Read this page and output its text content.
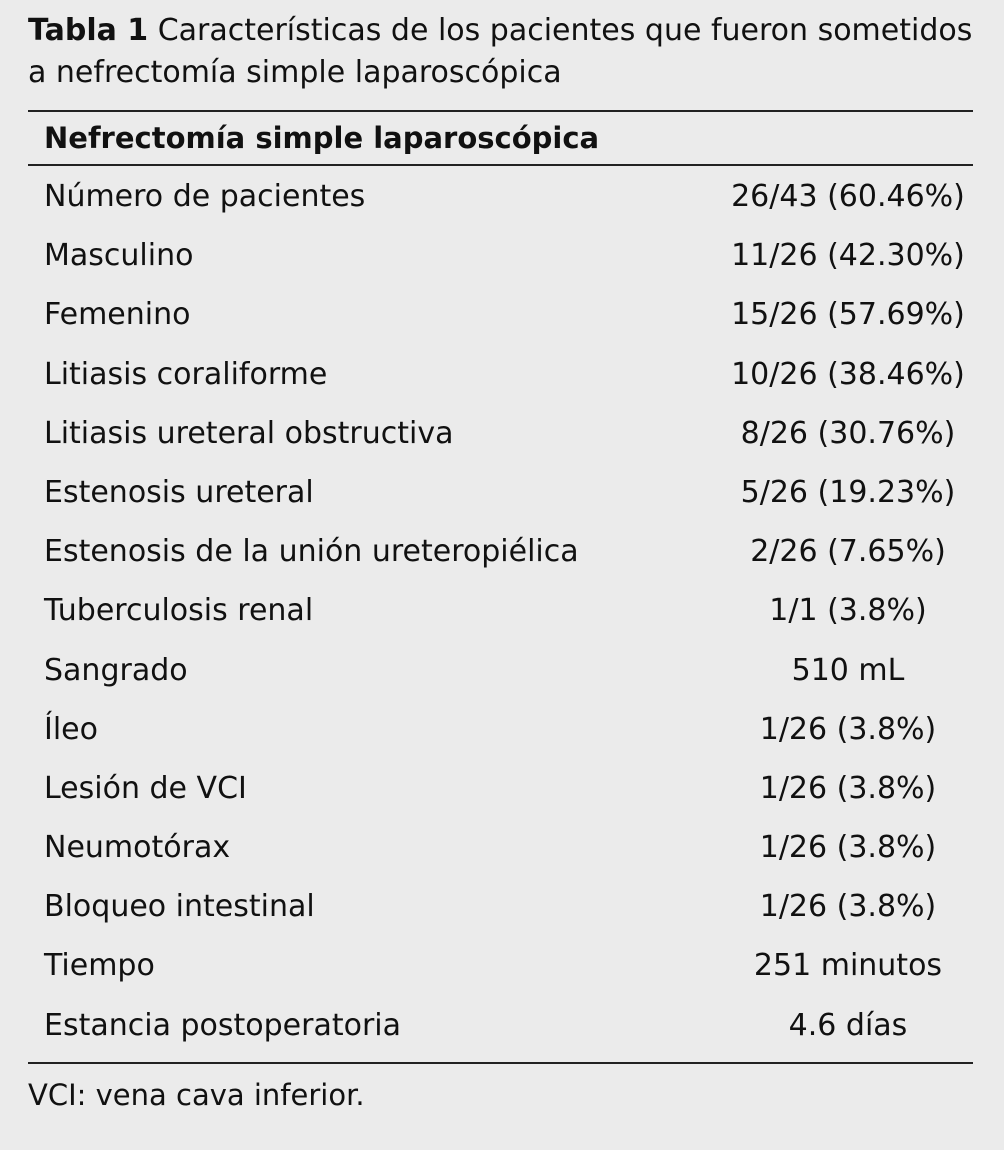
Tabla 1 Características de los pacientes que fueron sometidos a nefrectomía simple laparoscópica
Nefrectomía simple laparoscópica
Número de pacientes	26/43 (60.46%)
Masculino	11/26 (42.30%)
Femenino	15/26 (57.69%)
Litiasis coraliforme	10/26 (38.46%)
Litiasis ureteral obstructiva	8/26 (30.76%)
Estenosis ureteral	5/26 (19.23%)
Estenosis de la unión ureteropiélica	2/26 (7.65%)
Tuberculosis renal	1/1 (3.8%)
Sangrado	510 mL
Íleo	1/26 (3.8%)
Lesión de VCI	1/26 (3.8%)
Neumotórax	1/26 (3.8%)
Bloqueo intestinal	1/26 (3.8%)
Tiempo	251 minutos
Estancia postoperatoria	4.6 días
VCI: vena cava inferior.
